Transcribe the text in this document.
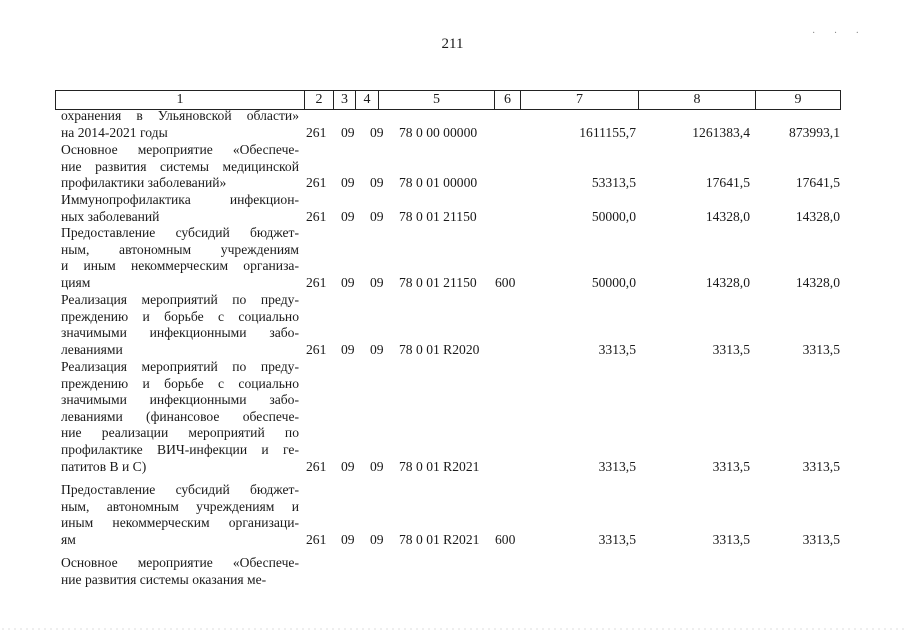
211
· · ·
1	2	3	4	5	6	7	8	9
охранения в Ульяновской области»
на 2014-2021 годы	261 09 09 78 0 00 00000	1611155,7	1261383,4	873993,1
Основное мероприятие «Обеспече-
ние развития системы медицинской
профилактики заболеваний»	261 09 09 78 0 01 00000	53313,5	17641,5	17641,5
Иммунопрофилактика инфекцион-
ных заболеваний	261 09 09 78 0 01 21150	50000,0	14328,0	14328,0
Предоставление субсидий бюджет-
ным, автономным учреждениям
и иным некоммерческим организа-
циям	261 09 09 78 0 01 21150 600	50000,0	14328,0	14328,0
Реализация мероприятий по преду-
преждению и борьбе с социально
значимыми инфекционными забо-
леваниями	261 09 09 78 0 01 R2020	3313,5	3313,5	3313,5
Реализация мероприятий по преду-
преждению и борьбе с социально
значимыми инфекционными забо-
леваниями (финансовое обеспече-
ние реализации мероприятий по
профилактике ВИЧ-инфекции и ге-
патитов В и С)	261 09 09 78 0 01 R2021	3313,5	3313,5	3313,5
Предоставление субсидий бюджет-
ным, автономным учреждениям и
иным некоммерческим организаци-
ям	261 09 09 78 0 01 R2021 600	3313,5	3313,5	3313,5
Основное мероприятие «Обеспече-
ние развития системы оказания ме-
